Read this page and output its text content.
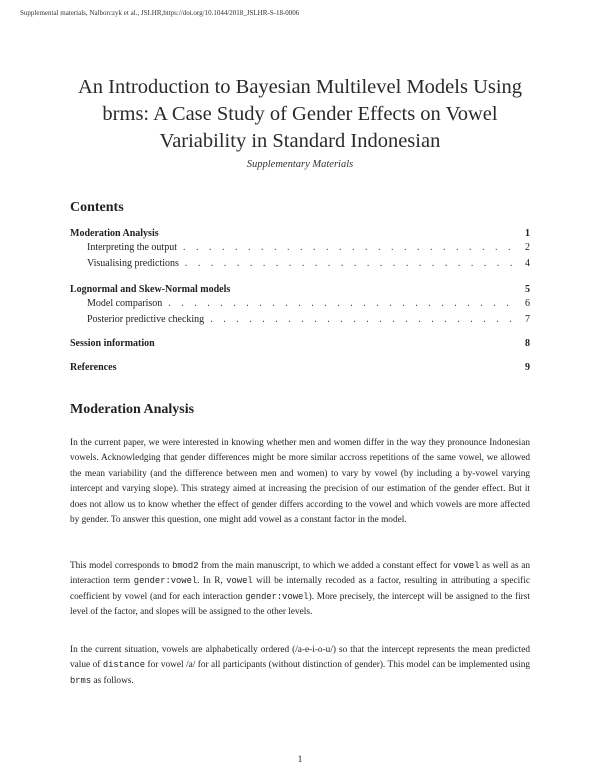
Supplemental materials, Nalborczyk et al., JSLHR,https://doi.org/10.1044/2018_JSLHR-S-18-0006
An Introduction to Bayesian Multilevel Models Using
brms: A Case Study of Gender Effects on Vowel
Variability in Standard Indonesian
Supplementary Materials
Contents
Moderation Analysis	1
Interpreting the output . . .	2
Visualising predictions . . .	4
Lognormal and Skew-Normal models	5
Model comparison . . .	6
Posterior predictive checking . . .	7
Session information	8
References	9
Moderation Analysis
In the current paper, we were interested in knowing whether men and women differ in the way they pronounce Indonesian vowels. Acknowledging that gender differences might be more similar accross repetitions of the same vowel, we allowed the mean variability (and the difference between men and women) to vary by vowel (by including a by-vowel varying intercept and varying slope). This strategy aimed at increasing the precision of our estimation of the gender effect. But it does not allow us to know whether the effect of gender differs according to the vowel and which vowels are more affected by gender. To answer this question, one might add vowel as a constant factor in the model.
This model corresponds to bmod2 from the main manuscript, to which we added a constant effect for vowel as well as an interaction term gender:vowel. In R, vowel will be internally recoded as a factor, resulting in attributing a specific coefficient by vowel (and for each interaction gender:vowel). More precisely, the intercept will be assigned to the first level of the factor, and slopes will be assigned to the other levels.
In the current situation, vowels are alphabetically ordered (/a-e-i-o-u/) so that the intercept represents the mean predicted value of distance for vowel /a/ for all participants (without distinction of gender). This model can be implemented using brms as follows.
1
